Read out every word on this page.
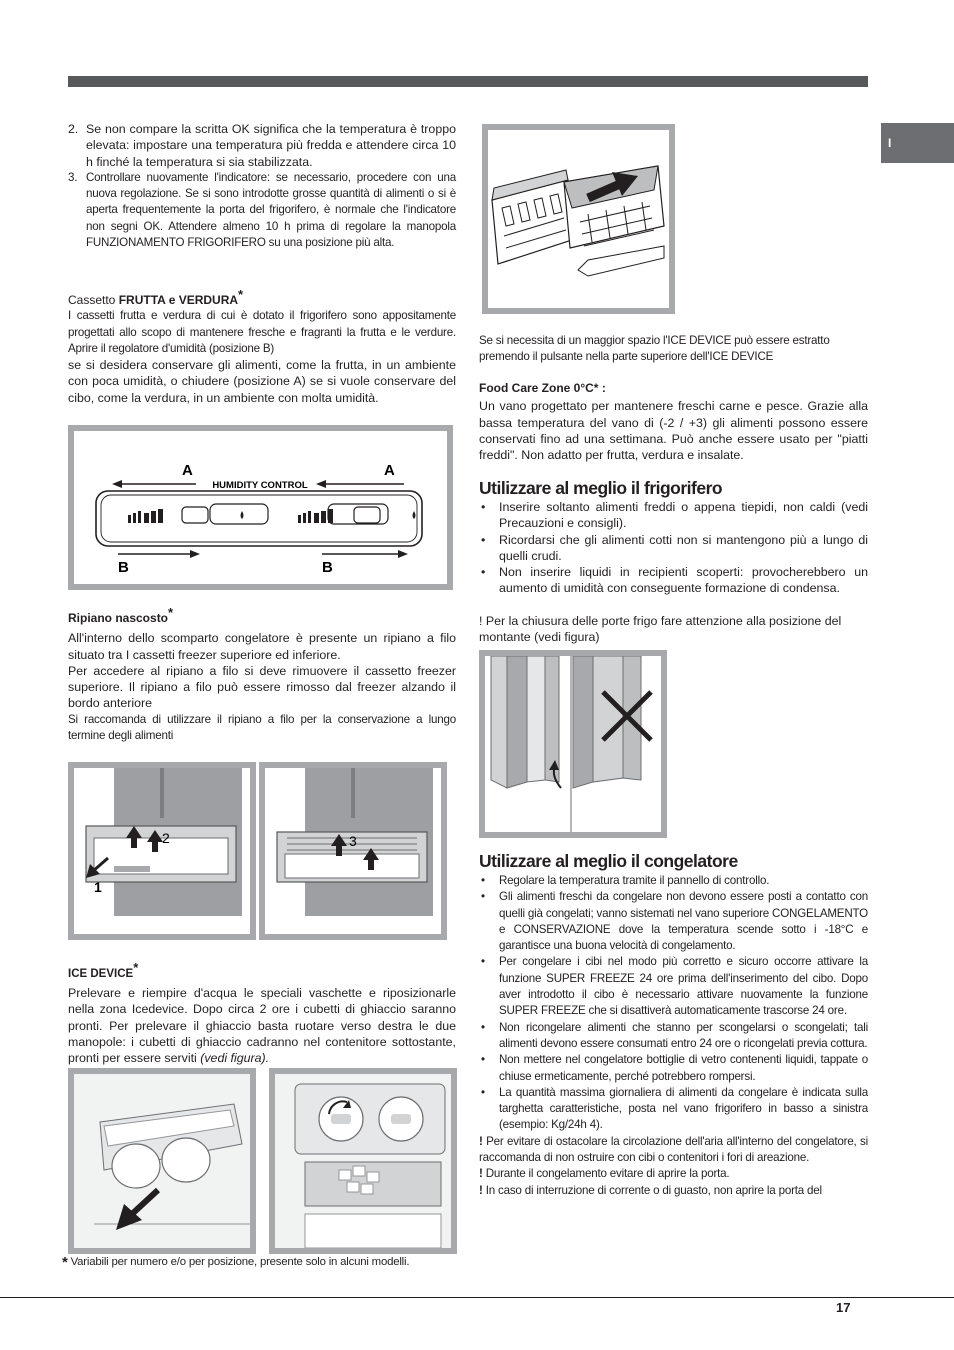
I
2. Se non compare la scritta OK significa che la temperatura è troppo elevata: impostare una temperatura più fredda e attendere circa 10 h finché la temperatura si sia stabilizzata.
3. Controllare nuovamente l'indicatore: se necessario, procedere con una nuova regolazione. Se si sono introdotte grosse quantità di alimenti o si è aperta frequentemente la porta del frigorifero, è normale che l'indicatore non segni OK. Attendere almeno 10 h prima di regolare la manopola FUNZIONAMENTO FRIGORIFERO su una posizione più alta.

Cassetto FRUTTA e VERDURA*

I cassetti frutta e verdura di cui è dotato il frigorifero sono appositamente progettati allo scopo di mantenere fresche e fragranti la frutta e le verdure. Aprire il regolatore d'umidità (posizione B)

se si desidera conservare gli alimenti, come la frutta, in un ambiente con poca umidità, o chiudere (posizione A) se si vuole conservare del cibo, come la verdura, in un ambiente con molta umidità.

A	A
HUMIDITY CONTROL
B	B
Ripiano nascosto*

All'interno dello scomparto congelatore è presente un ripiano a filo situato tra I cassetti freezer superiore ed inferiore.

Per accedere al ripiano a filo si deve rimuovere il cassetto freezer superiore. Il ripiano a filo può essere rimosso dal freezer alzando il bordo anteriore

Si raccomanda di utilizzare il ripiano a filo per la conservazione a lungo termine degli alimenti

2
1
3
ICE DEVICE*

Prelevare e riempire d'acqua le speciali vaschette e riposizionarle nella zona Icedevice. Dopo circa 2 ore i cubetti di ghiaccio saranno pronti. Per prelevare il ghiaccio basta ruotare verso destra le due manopole: i cubetti di ghiaccio cadranno nel contenitore sottostante, pronti per essere serviti (vedi figura).

* Variabili per numero e/o per posizione, presente solo in alcuni modelli.
Se si necessita di un maggior spazio l'ICE DEVICE può essere estratto premendo il pulsante nella parte superiore dell'ICE DEVICE
Food Care Zone 0°C* :

Un vano progettato per mantenere freschi carne e pesce. Grazie alla bassa temperatura del vano di (-2 / +3) gli alimenti possono essere conservati fino ad una settimana. Può anche essere usato per "piatti freddi". Non adatto per frutta, verdura e insalate.

Utilizzare al meglio il frigorifero
•	Inserire soltanto alimenti freddi o appena tiepidi, non caldi (vedi Precauzioni e consigli).
•	Ricordarsi che gli alimenti cotti non si mantengono più a lungo di quelli crudi.
•	Non inserire liquidi in recipienti scoperti: provocherebbero un aumento di umidità con conseguente formazione di condensa.
! Per la chiusura delle porte frigo fare attenzione alla posizione del montante (vedi figura)
Utilizzare al meglio il congelatore
•	Regolare la temperatura tramite il pannello di controllo.
•	Gli alimenti freschi da congelare non devono essere posti a contatto con quelli già congelati; vanno sistemati nel vano superiore CONGELAMENTO e CONSERVAZIONE dove la temperatura scende sotto i -18°C e garantisce una buona velocità di congelamento.
•	Per congelare i cibi nel modo più corretto e sicuro occorre attivare la funzione SUPER FREEZE 24 ore prima dell'inserimento del cibo. Dopo aver introdotto il cibo è necessario attivare nuovamente la funzione SUPER FREEZE che si disattiverà automaticamente trascorse 24 ore.
•	Non ricongelare alimenti che stanno per scongelarsi o scongelati; tali alimenti devono essere consumati entro 24 ore o ricongelati previa cottura.
•	Non mettere nel congelatore bottiglie di vetro contenenti liquidi, tappate o chiuse ermeticamente, perché potrebbero rompersi.
•	La quantità massima giornaliera di alimenti da congelare è indicata sulla targhetta caratteristiche, posta nel vano frigorifero in basso a sinistra (esempio: Kg/24h 4).

! Per evitare di ostacolare la circolazione dell'aria all'interno del congelatore, si raccomanda di non ostruire con cibi o contenitori i fori di areazione.

! Durante il congelamento evitare di aprire la porta.

! In caso di interruzione di corrente o di guasto, non aprire la porta del

17
